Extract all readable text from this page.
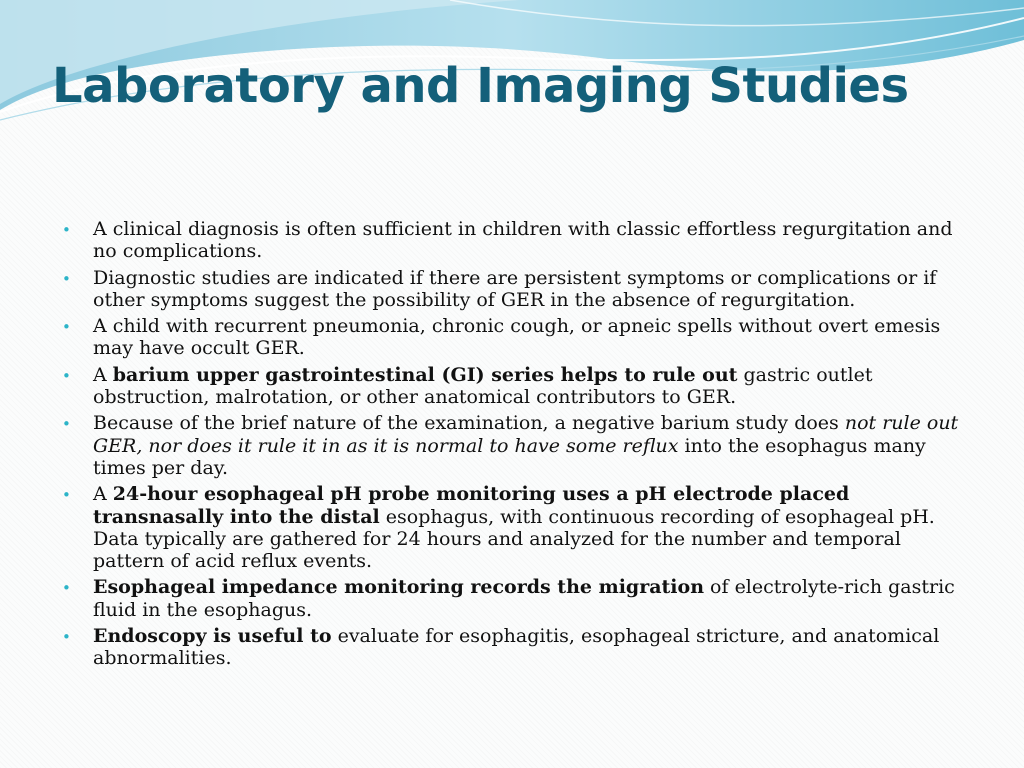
Laboratory and Imaging Studies
• A clinical diagnosis is often sufficient in children with classic effortless regurgitation and no complications.
• Diagnostic studies are indicated if there are persistent symptoms or complications or if other symptoms suggest the possibility of GER in the absence of regurgitation.
• A child with recurrent pneumonia, chronic cough, or apneic spells without overt emesis may have occult GER.
• A barium upper gastrointestinal (GI) series helps to rule out gastric outlet obstruction, malrotation, or other anatomical contributors to GER.
• Because of the brief nature of the examination, a negative barium study does not rule out GER, nor does it rule it in as it is normal to have some reflux into the esophagus many times per day.
• A 24-hour esophageal pH probe monitoring uses a pH electrode placed transnasally into the distal esophagus, with continuous recording of esophageal pH. Data typically are gathered for 24 hours and analyzed for the number and temporal pattern of acid reflux events.
• Esophageal impedance monitoring records the migration of electrolyte-rich gastric fluid in the esophagus.
• Endoscopy is useful to evaluate for esophagitis, esophageal stricture, and anatomical abnormalities.
